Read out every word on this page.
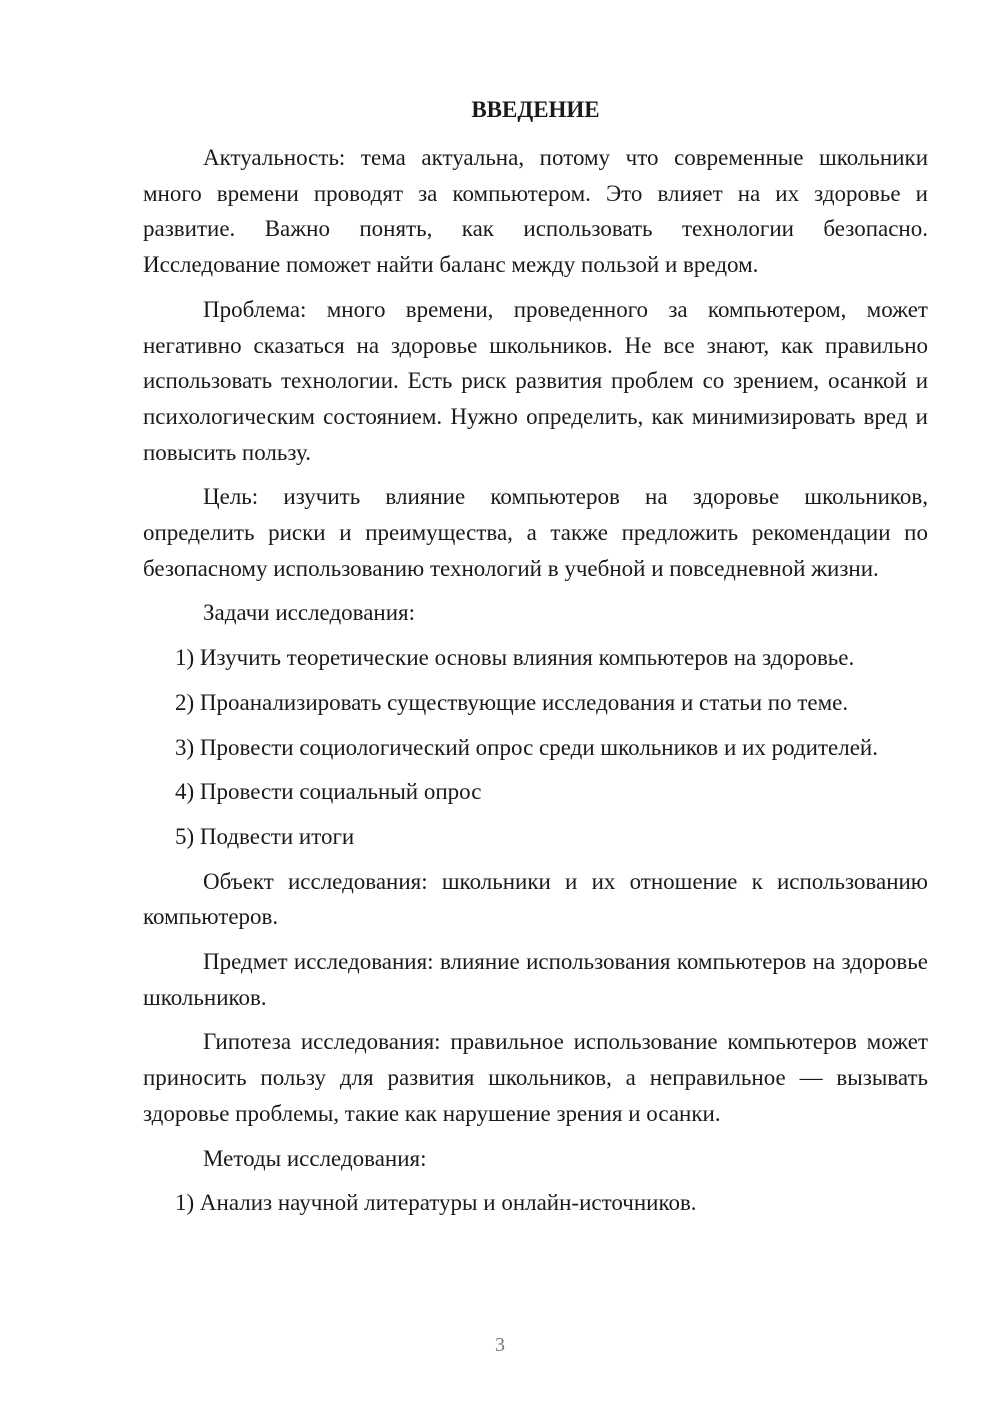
ВВЕДЕНИЕ

Актуальность: тема актуальна, потому что современные школьники много времени проводят за компьютером. Это влияет на их здоровье и развитие. Важно понять, как использовать технологии безопасно. Исследование поможет найти баланс между пользой и вредом.

Проблема: много времени, проведенного за компьютером, может негативно сказаться на здоровье школьников. Не все знают, как правильно использовать технологии. Есть риск развития проблем со зрением, осанкой и психологическим состоянием. Нужно определить, как минимизировать вред и повысить пользу.

Цель: изучить влияние компьютеров на здоровье школьников, определить риски и преимущества, а также предложить рекомендации по безопасному использованию технологий в учебной и повседневной жизни.

Задачи исследования:

1) Изучить теоретические основы влияния компьютеров на здоровье.

2) Проанализировать существующие исследования и статьи по теме.

3) Провести социологический опрос среди школьников и их родителей.

4) Провести социальный опрос

5) Подвести итоги

Объект исследования: школьники и их отношение к использованию компьютеров.

Предмет исследования: влияние использования компьютеров на здоровье школьников.

Гипотеза исследования: правильное использование компьютеров может приносить пользу для развития школьников, а неправильное — вызывать здоровье проблемы, такие как нарушение зрения и осанки.

Методы исследования:

1) Анализ научной литературы и онлайн-источников.

3
